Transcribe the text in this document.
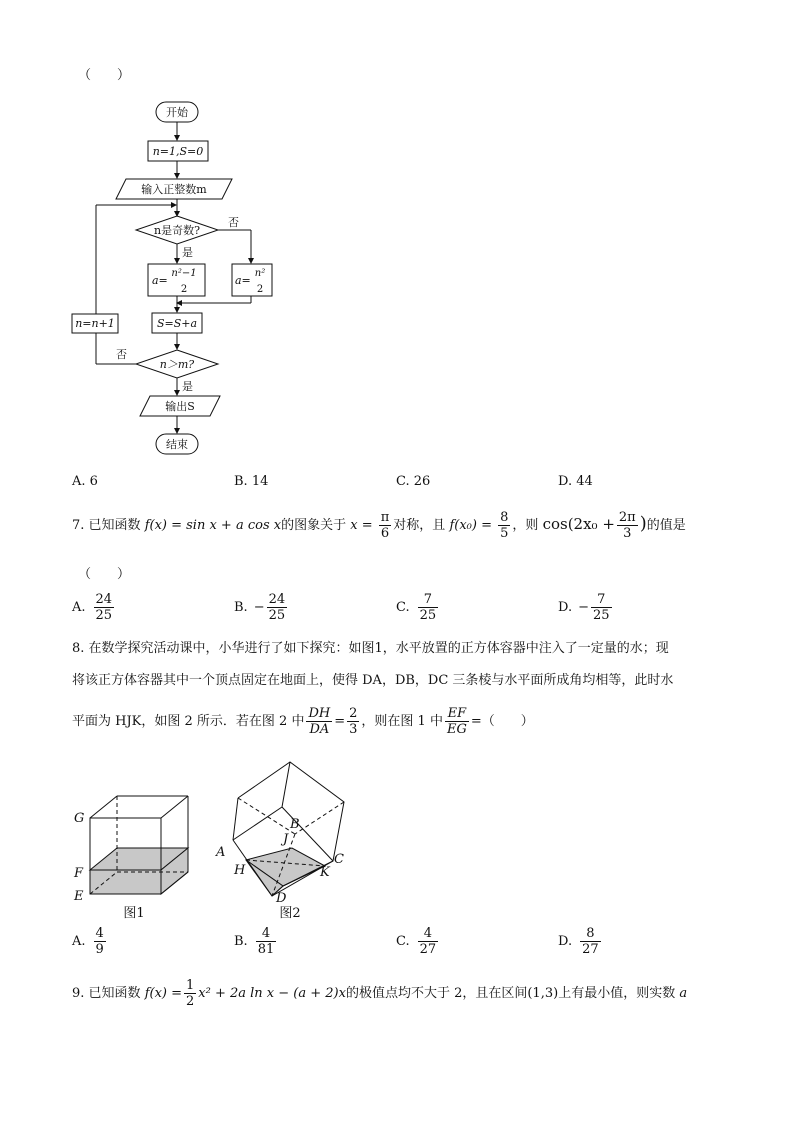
（　　）
开始
n=1,S=0
输入正整数m
n是奇数?
否
是
a=
n²−1
2
a=
n²
2
S=S+a
n=n+1
n＞m?
否
是
输出S
结束
A. 6	B. 14	C. 26	D. 44
7. 已知函数 f(x) = sin x + a cos x的图象关于 $x = \frac{\pi}{6}$ 对称，且 $f(x_0) = \frac{8}{5}$ ，则 $\cos(2x_0 + \frac{2\pi}{3}$ )的值是
（　　）
A. $\frac{24}{25}$	B. − $\frac{24}{25}$	C. $\frac{7}{25}$	D. − $\frac{7}{25}$
8. 在数学探究活动课中，小华进行了如下探究：如图1，水平放置的正方体容器中注入了一定量的水；现
将该正方体容器其中一个顶点固定在地面上，使得 DA，DB，DC 三条棱与水平面所成角均相等，此时水
平面为 HJK，如图 2 所示．若在图 2 中 $\frac{DH}{DA} = \frac{2}{3}$ ，则在图 1 中 $\frac{EF}{EG}$ =（　　）
G
F
E
图1
A
B
C
D
H
J
K
图2
A. $\frac{4}{9}$	B. $\frac{4}{81}$	C. $\frac{4}{27}$	D. $\frac{8}{27}$
9. 已知函数 $f(x) = \frac{1}{2} x^2 + 2a$ ln x − (a + 2)x的极值点均不大于 2，且在区间(1,3)上有最小值，则实数 a
